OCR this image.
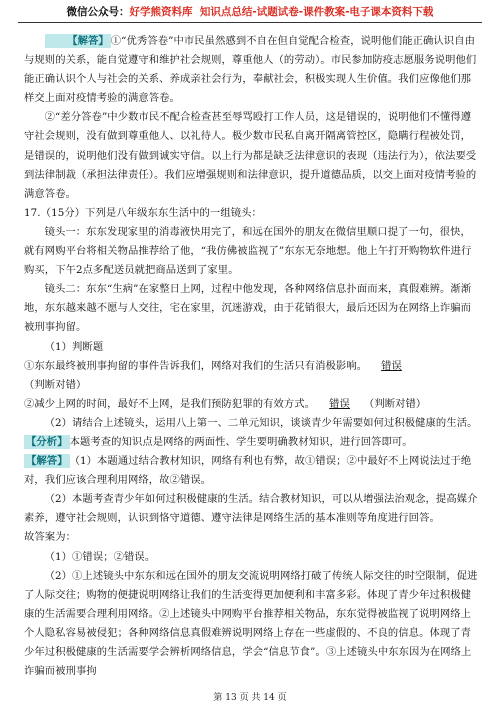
微信公众号：好学熊资料库 知识点总结-试题试卷-课件教案-电子课本资料下载

【解答】 ①“优秀答卷”中市民虽然感到不自在但自觉配合检查，说明他们能正确认识自由与规则的关系，能自觉遵守和维护社会规则，尊重他人（的劳动）。市民参加防疫志愿服务说明他们能正确认识个人与社会的关系、养成亲社会行为，奉献社会，积极实现人生价值。我们应像他们那样交上面对疫情考验的满意答卷。

②“差分答卷”中少数市民不配合检查甚至辱骂殴打工作人员，这是错误的，说明他们不懂得遵守社会规则，没有做到尊重他人、以礼待人。极少数市民私自离开隔离管控区，隐瞒行程被处罚，是错误的，说明他们没有做到诚实守信。以上行为都是缺乏法律意识的表现（违法行为），依法要受到法律制裁（承担法律责任）。我们应增强规则和法律意识，提升道德品质，以交上面对疫情考验的满意答卷。

17.（15分）下列是八年级东东生活中的一组镜头：

镜头一：东东发现家里的消毒液快用完了，和远在国外的朋友在微信里顺口提了一句，很快，就有网购平台将相关物品推荐给了他，“我仿佛被监视了”东东无奈地想。他上午打开购物软件进行购买，下午2点多配送员就把商品送到了家里。

镜头二：东东“生病”在家整日上网，过程中他发现，各种网络信息扑面而来，真假难辨。渐渐地，东东越来越不愿与人交往，宅在家里，沉迷游戏，由于花销很大，最后还因为在网络上诈骗而被刑事拘留。

（1）判断题

①东东最终被刑事拘留的事件告诉我们，网络对我们的生活只有消极影响。 错误（判断对错）

②减少上网的时间，最好不上网，是我们预防犯罪的有效方式。 错误 （判断对错）

（2）请结合上述镜头，运用八上第一、二单元知识，谈谈青少年需要如何过积极健康的生活。

【分析】 本题考查的知识点是网络的两面性、学生要明确教材知识，进行回答即可。

【解答】 （1）本题通过结合教材知识，网络有利也有弊，故①错误；②中最好不上网说法过于绝对，我们应该合理利用网络，故②错误。

（2）本题考查青少年如何过积极健康的生活。结合教材知识，可以从增强法治观念，提高媒介素养，遵守社会规则，认识到恪守道德、遵守法律是网络生活的基本准则等角度进行回答。

故答案为：

（1）①错误；②错误。

（2）①上述镜头中东东和远在国外的朋友交流说明网络打破了传统人际交往的时空限制，促进了人际交往；购物的便捷说明网络让我们的生活变得更加便利和丰富多彩。体现了青少年过积极健康的生活需要合理利用网络。②上述镜头中网购平台推荐相关物品，东东觉得被监视了说明网络上个人隐私容易被侵犯；各种网络信息真假难辨说明网络上存在一些虚假的、不良的信息。体现了青少年过积极健康的生活需要学会辨析网络信息，学会“信息节食”。③上述镜头中东东因为在网络上诈骗而被刑事拘

第 13 页 共 14 页
